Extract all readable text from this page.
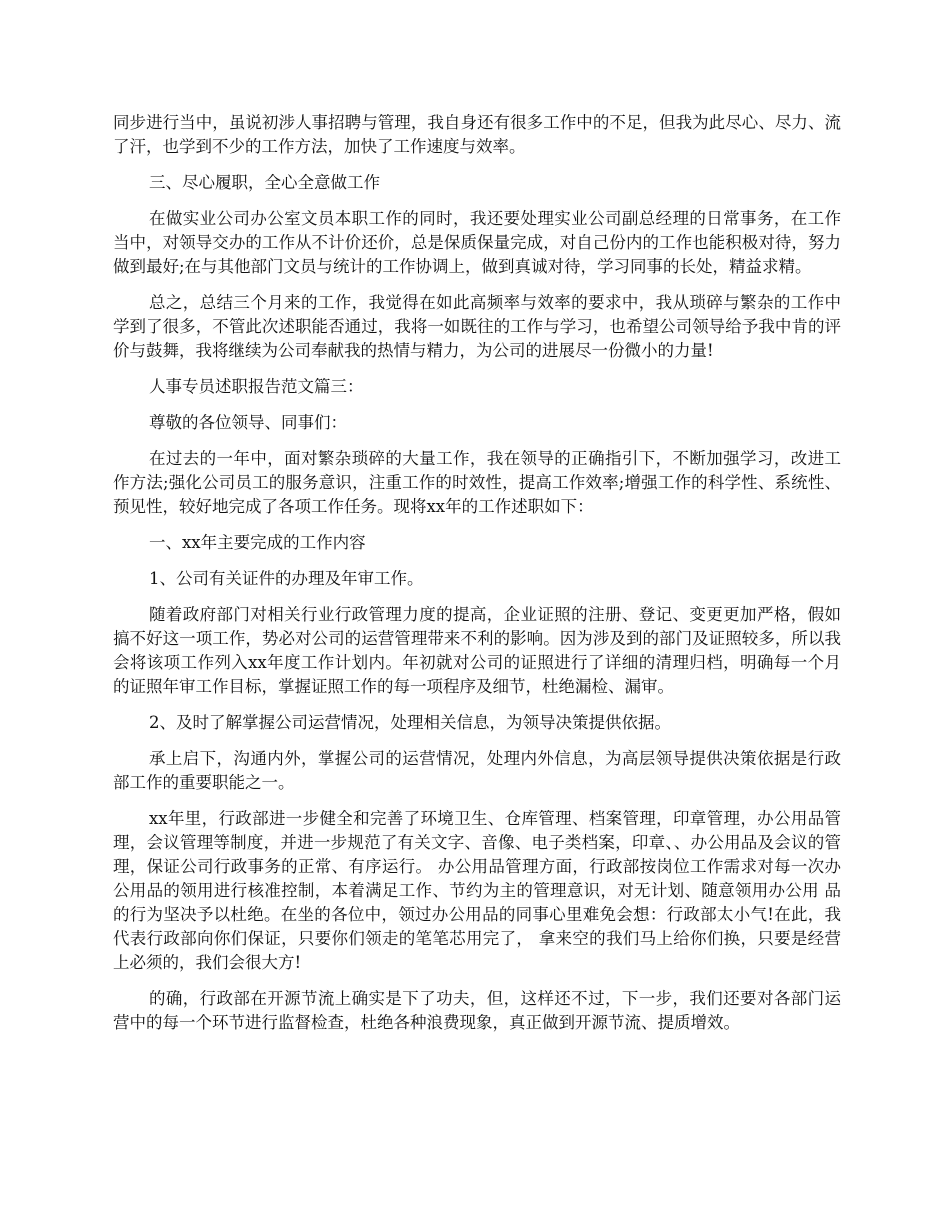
同步进行当中，虽说初涉人事招聘与管理，我自身还有很多工作中的不足，但我为此尽心、尽力、流了汗，也学到不少的工作方法，加快了工作速度与效率。

三、尽心履职，全心全意做工作

在做实业公司办公室文员本职工作的同时，我还要处理实业公司副总经理的日常事务，在工作当中，对领导交办的工作从不计价还价，总是保质保量完成，对自己份内的工作也能积极对待，努力做到最好;在与其他部门文员与统计的工作协调上，做到真诚对待，学习同事的长处，精益求精。

总之，总结三个月来的工作，我觉得在如此高频率与效率的要求中，我从琐碎与繁杂的工作中学到了很多，不管此次述职能否通过，我将一如既往的工作与学习，也希望公司领导给予我中肯的评价与鼓舞，我将继续为公司奉献我的热情与精力，为公司的进展尽一份微小的力量!

人事专员述职报告范文篇三：

尊敬的各位领导、同事们：

在过去的一年中，面对繁杂琐碎的大量工作，我在领导的正确指引下，不断加强学习，改进工作方法;强化公司员工的服务意识，注重工作的时效性，提高工作效率;增强工作的科学性、系统性、预见性，较好地完成了各项工作任务。现将xx年的工作述职如下：

一、xx年主要完成的工作内容

1、公司有关证件的办理及年审工作。

随着政府部门对相关行业行政管理力度的提高，企业证照的注册、登记、变更更加严格，假如搞不好这一项工作，势必对公司的运营管理带来不利的影响。因为涉及到的部门及证照较多，所以我会将该项工作列入xx年度工作计划内。年初就对公司的证照进行了详细的清理归档，明确每一个月的证照年审工作目标，掌握证照工作的每一项程序及细节，杜绝漏检、漏审。

2、及时了解掌握公司运营情况，处理相关信息，为领导决策提供依据。

承上启下，沟通内外，掌握公司的运营情况，处理内外信息，为高层领导提供决策依据是行政部工作的重要职能之一。

xx年里，行政部进一步健全和完善了环境卫生、仓库管理、档案管理，印章管理，办公用品管理，会议管理等制度，并进一步规范了有关文字、音像、电子类档案，印章、、办公用品及会议的管理，保证公司行政事务的正常、有序运行。 办公用品管理方面，行政部按岗位工作需求对每一次办公用品的领用进行核准控制，本着满足工作、节约为主的管理意识，对无计划、随意领用办公用 品的行为坚决予以杜绝。在坐的各位中，领过办公用品的同事心里难免会想：行政部太小气!在此，我代表行政部向你们保证，只要你们领走的笔笔芯用完了， 拿来空的我们马上给你们换，只要是经营上必须的，我们会很大方!

的确，行政部在开源节流上确实是下了功夫，但，这样还不过，下一步，我们还要对各部门运营中的每一个环节进行监督检查，杜绝各种浪费现象，真正做到开源节流、提质增效。
